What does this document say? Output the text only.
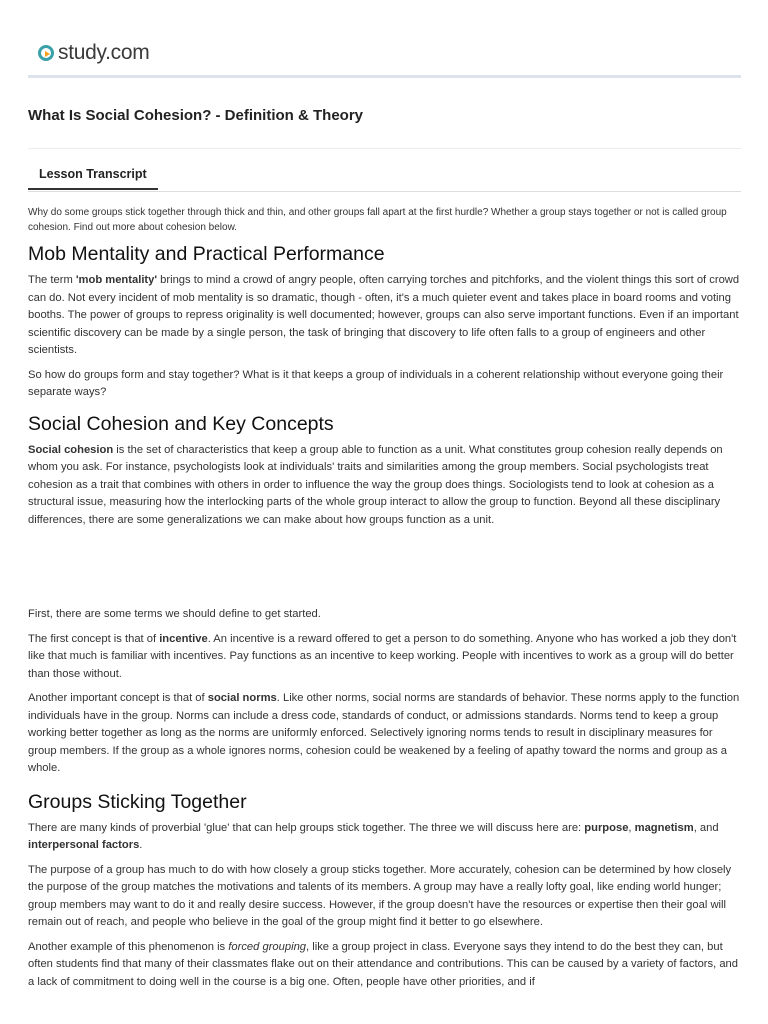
study.com
What Is Social Cohesion? - Definition & Theory
Lesson Transcript

Why do some groups stick together through thick and thin, and other groups fall apart at the first hurdle? Whether a group stays together or not is called group cohesion. Find out more about cohesion below.

Mob Mentality and Practical Performance

The term 'mob mentality' brings to mind a crowd of angry people, often carrying torches and pitchforks, and the violent things this sort of crowd can do. Not every incident of mob mentality is so dramatic, though - often, it's a much quieter event and takes place in board rooms and voting booths. The power of groups to repress originality is well documented; however, groups can also serve important functions. Even if an important scientific discovery can be made by a single person, the task of bringing that discovery to life often falls to a group of engineers and other scientists.

So how do groups form and stay together? What is it that keeps a group of individuals in a coherent relationship without everyone going their separate ways?

Social Cohesion and Key Concepts

Social cohesion is the set of characteristics that keep a group able to function as a unit. What constitutes group cohesion really depends on whom you ask. For instance, psychologists look at individuals' traits and similarities among the group members. Social psychologists treat cohesion as a trait that combines with others in order to influence the way the group does things. Sociologists tend to look at cohesion as a structural issue, measuring how the interlocking parts of the whole group interact to allow the group to function. Beyond all these disciplinary differences, there are some generalizations we can make about how groups function as a unit.

First, there are some terms we should define to get started.

The first concept is that of incentive. An incentive is a reward offered to get a person to do something. Anyone who has worked a job they don't like that much is familiar with incentives. Pay functions as an incentive to keep working. People with incentives to work as a group will do better than those without.

Another important concept is that of social norms. Like other norms, social norms are standards of behavior. These norms apply to the function individuals have in the group. Norms can include a dress code, standards of conduct, or admissions standards. Norms tend to keep a group working better together as long as the norms are uniformly enforced. Selectively ignoring norms tends to result in disciplinary measures for group members. If the group as a whole ignores norms, cohesion could be weakened by a feeling of apathy toward the norms and group as a whole.

Groups Sticking Together

There are many kinds of proverbial 'glue' that can help groups stick together. The three we will discuss here are: purpose, magnetism, and interpersonal factors.

The purpose of a group has much to do with how closely a group sticks together. More accurately, cohesion can be determined by how closely the purpose of the group matches the motivations and talents of its members. A group may have a really lofty goal, like ending world hunger; group members may want to do it and really desire success. However, if the group doesn't have the resources or expertise then their goal will remain out of reach, and people who believe in the goal of the group might find it better to go elsewhere.

Another example of this phenomenon is forced grouping, like a group project in class. Everyone says they intend to do the best they can, but often students find that many of their classmates flake out on their attendance and contributions. This can be caused by a variety of factors, and a lack of commitment to doing well in the course is a big one. Often, people have other priorities, and if
